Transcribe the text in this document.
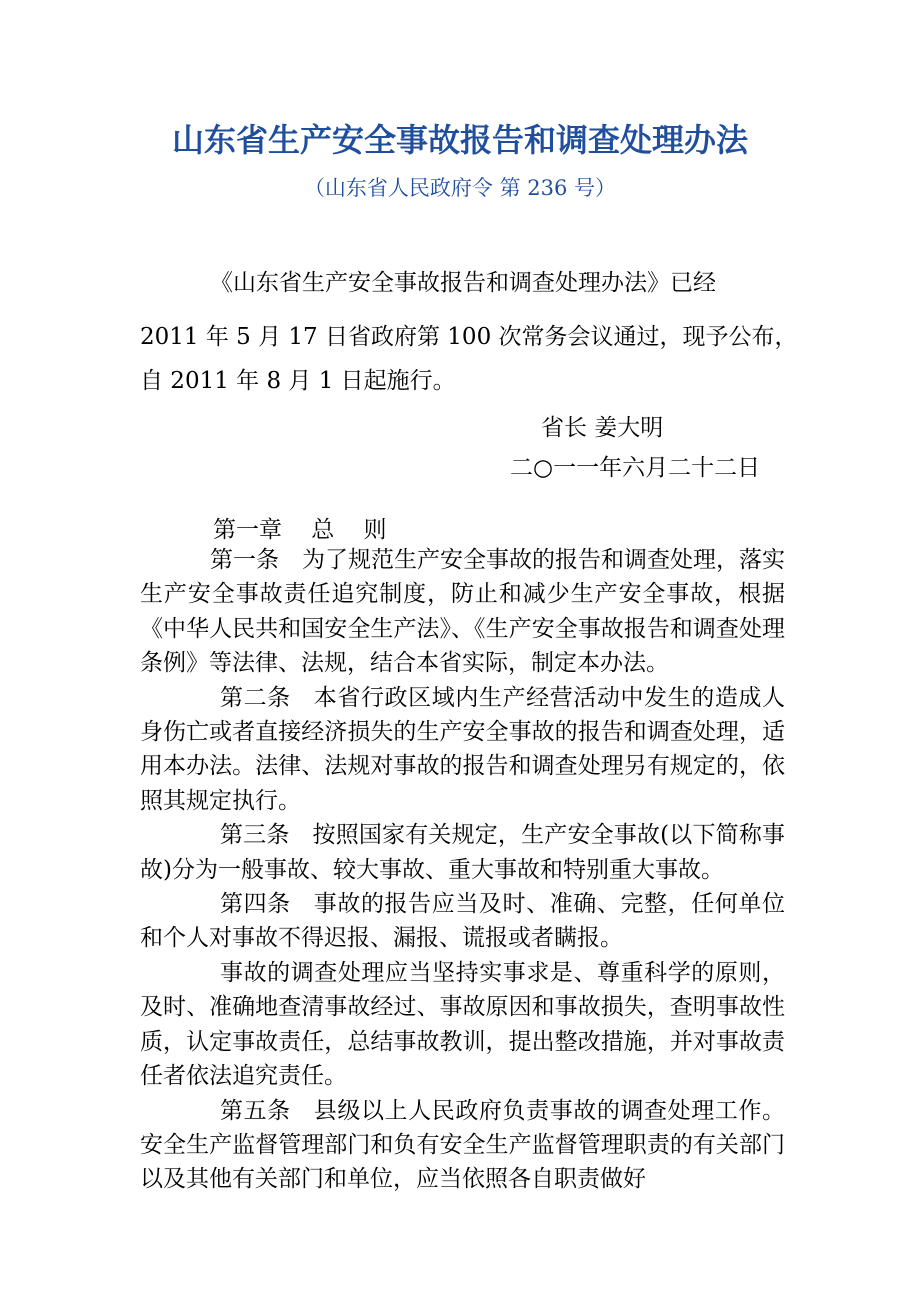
山东省生产安全事故报告和调查处理办法
（山东省人民政府令 第 236 号）
《山东省生产安全事故报告和调查处理办法》已经
2011 年 5 月 17 日省政府第 100 次常务会议通过，现予公布，
自 2011 年 8 月 1 日起施行。
省长 姜大明
二○一一年六月二十二日
第一章    总    则

第一条 为了规范生产安全事故的报告和调查处理，落实生产安全事故责任追究制度，防止和减少生产安全事故，根据《中华人民共和国安全生产法》、《生产安全事故报告和调查处理条例》等法律、法规，结合本省实际，制定本办法。

第二条 本省行政区域内生产经营活动中发生的造成人身伤亡或者直接经济损失的生产安全事故的报告和调查处理，适用本办法。法律、法规对事故的报告和调查处理另有规定的，依照其规定执行。

第三条 按照国家有关规定，生产安全事故(以下简称事故)分为一般事故、较大事故、重大事故和特别重大事故。

第四条 事故的报告应当及时、准确、完整，任何单位和个人对事故不得迟报、漏报、谎报或者瞒报。

事故的调查处理应当坚持实事求是、尊重科学的原则，及时、准确地查清事故经过、事故原因和事故损失，查明事故性质，认定事故责任，总结事故教训，提出整改措施，并对事故责任者依法追究责任。

第五条 县级以上人民政府负责事故的调查处理工作。安全生产监督管理部门和负有安全生产监督管理职责的有关部门以及其他有关部门和单位，应当依照各自职责做好
